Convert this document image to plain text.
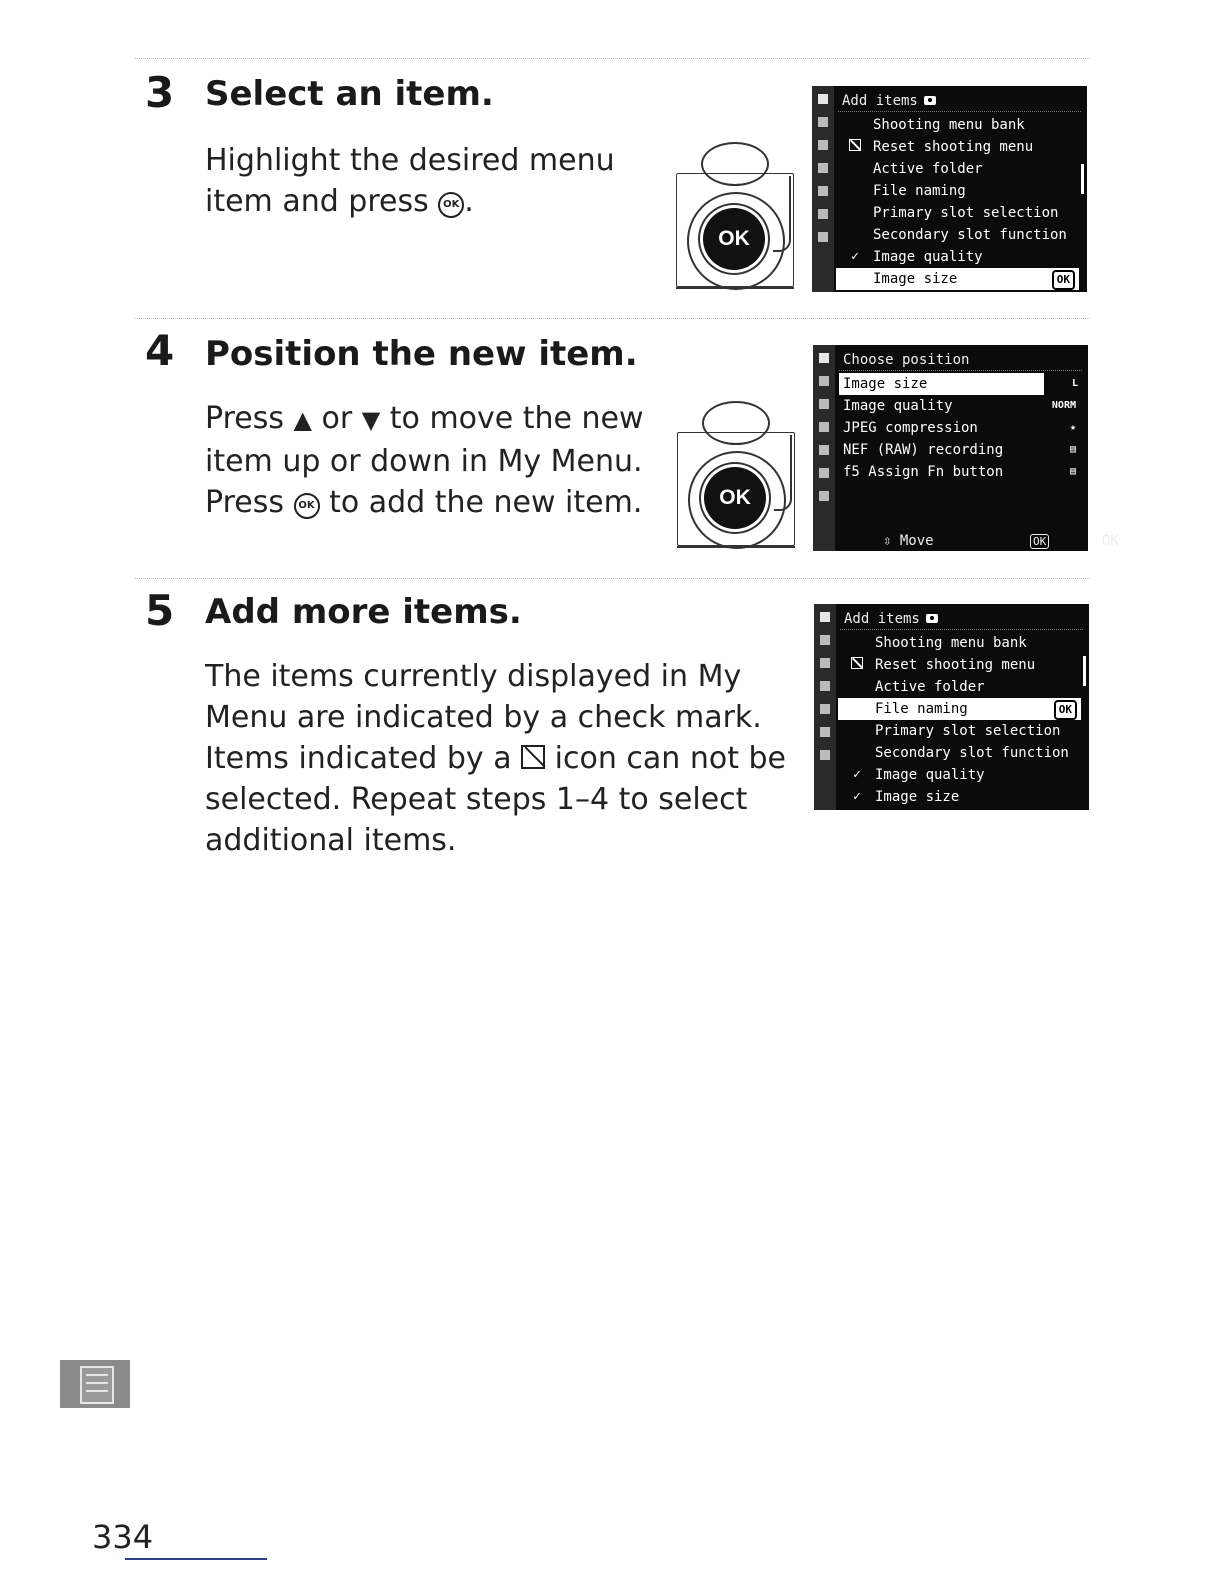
3 Select an item.
Highlight the desired menu
item and press OK .
OK
Add items
Shooting menu bank
Reset shooting menu
Active folder
File naming
Primary slot selection
Secondary slot function
✓	Image quality
Image size	OK
4 Position the new item.
Press ▲ or ▼ to move the new
item up or down in My Menu.
Press OK to add the new item.	OK
Choose position
Image size	L
Image quality	NORM
JPEG compression	★
NEF (RAW) recording	▤
f5 Assign Fn button	▤
⇳ Move	OK	OK
5 Add more items.
The items currently displayed in My
Menu are indicated by a check mark.
Items indicated by a icon can not be
selected. Repeat steps 1–4 to select
additional items.
Add items
Shooting menu bank
Reset shooting menu
Active folder
File naming	OK
Primary slot selection
Secondary slot function
✓	Image quality
✓	Image size
334
